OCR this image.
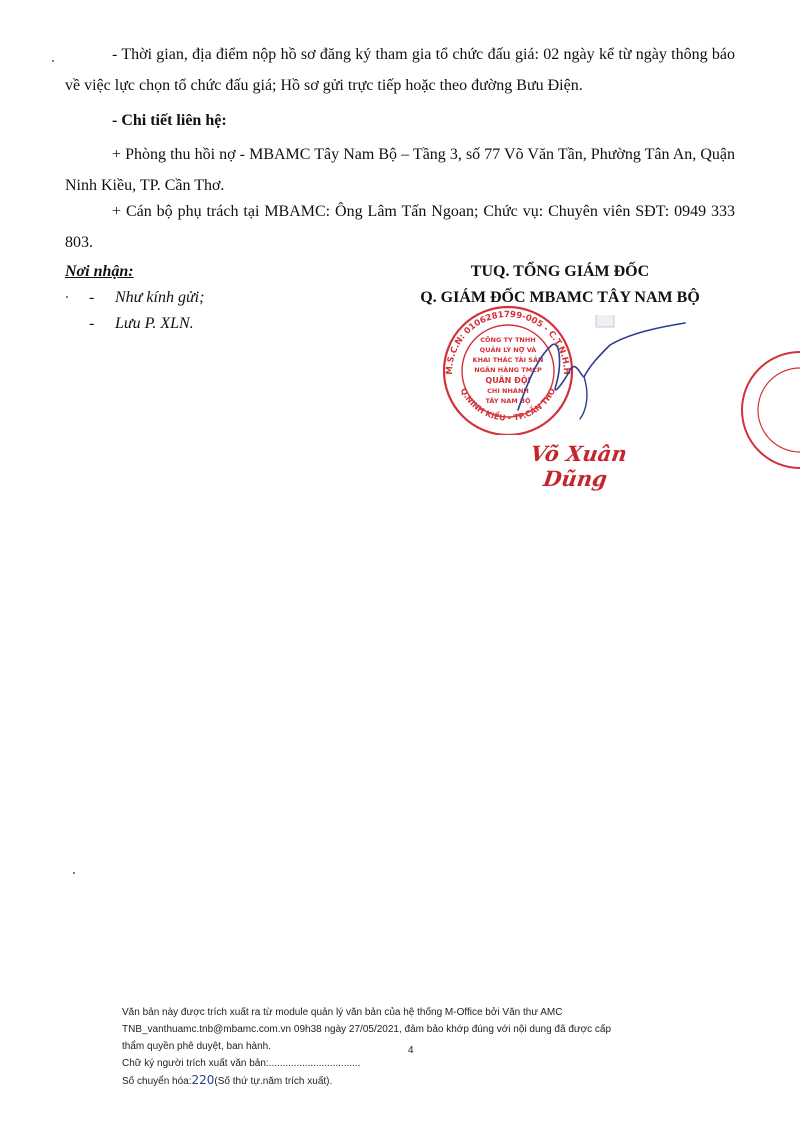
- Thời gian, địa điểm nộp hồ sơ đăng ký tham gia tổ chức đấu giá: 02 ngày kể từ ngày thông báo về việc lực chọn tổ chức đấu giá; Hồ sơ gửi trực tiếp hoặc theo đường Bưu Điện.
- Chi tiết liên hệ:
+ Phòng thu hồi nợ - MBAMC Tây Nam Bộ – Tầng 3, số 77 Võ Văn Tần, Phường Tân An, Quận Ninh Kiều, TP. Cần Thơ.
+ Cán bộ phụ trách tại MBAMC: Ông Lâm Tấn Ngoan; Chức vụ: Chuyên viên SĐT: 0949 333 803.
Nơi nhận:
- Như kính gửi;
- Lưu P. XLN.
TUQ. TỔNG GIÁM ĐỐC
Q. GIÁM ĐỐC MBAMC TÂY NAM BỘ
M.S.C.N: 0106281799-005 - C.T.N.H.H
Q.NINH KIỀU - TP.CẦN THƠ
CÔNG TY TNHH
QUẢN LÝ NỢ VÀ
KHAI THÁC TÀI SẢN
NGÂN HÀNG TMCP
QUÂN ĐỘI
CHI NHÁNH
TÂY NAM BỘ
Võ Xuân Dũng
Văn bản này được trích xuất ra từ module quản lý văn bản của hệ thống M-Office bởi Văn thư AMC
TNB_vanthuamc.tnb@mbamc.com.vn 09h38 ngày 27/05/2021, đảm bảo khớp đúng với nội dung đã được cấp
thẩm quyền phê duyệt, ban hành.
Chữ ký người trích xuất văn bản:.................................
Số chuyển hóa:220(Số thứ tự.năm trích xuất).
4
